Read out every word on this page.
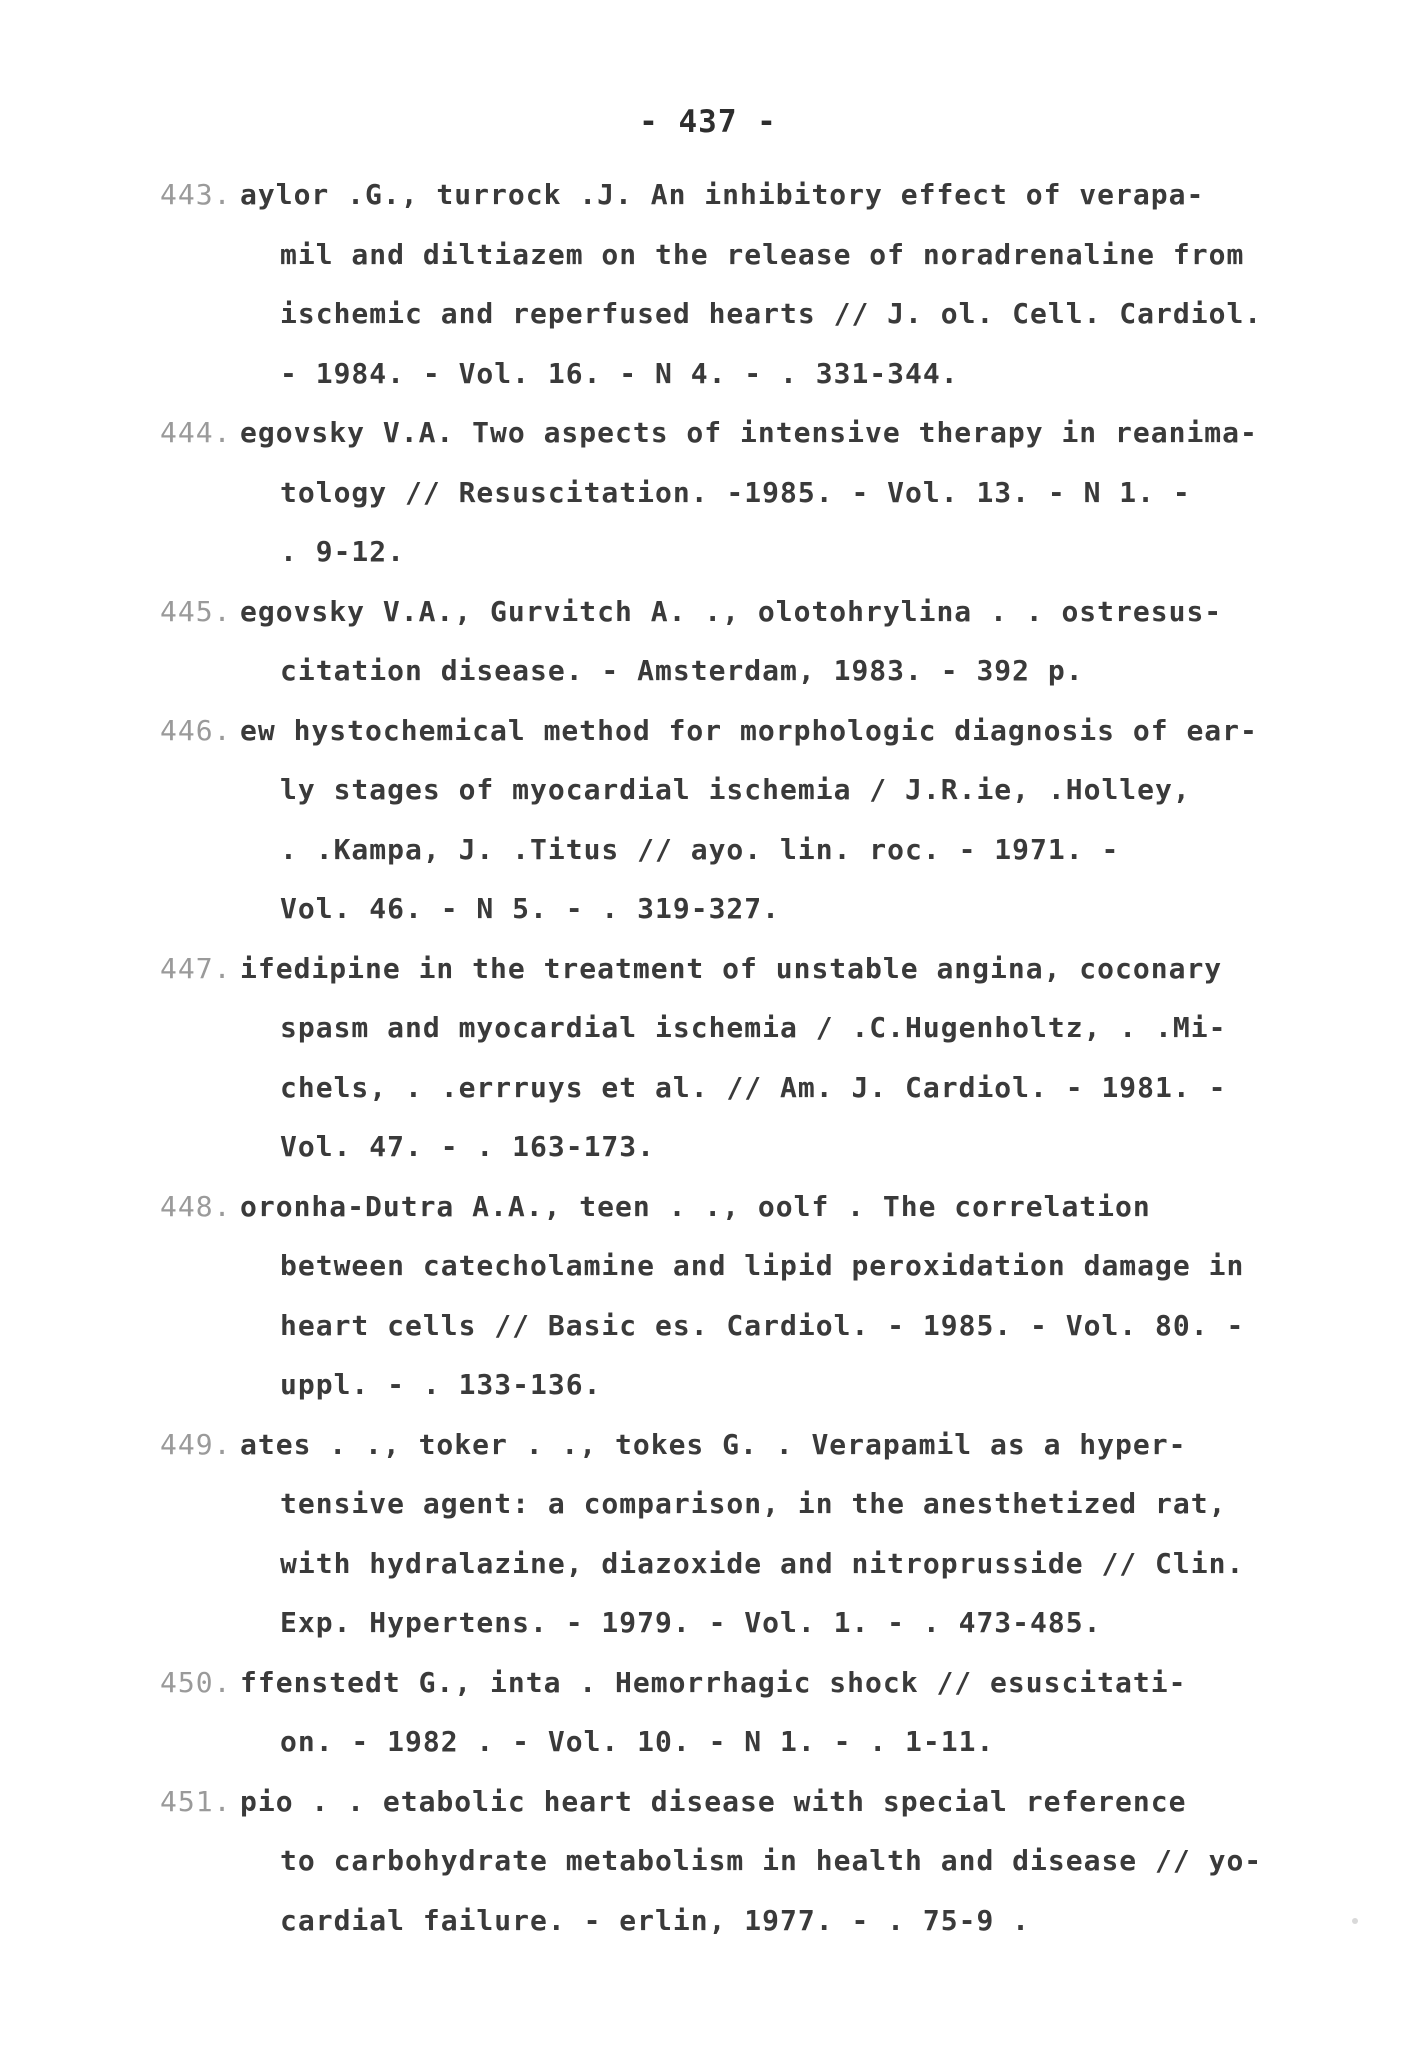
- 437 -
443. aylor .G., turrock .J. An inhibitory effect of verapa-
mil and diltiazem on the release of noradrenaline from
ischemic and reperfused hearts // J. ol. Cell. Cardiol.
- 1984. - Vol. 16. - N 4. - . 331-344.
444. egovsky V.A. Two aspects of intensive therapy in reanima-
tology // Resuscitation. -1985. - Vol. 13. - N 1. -
. 9-12.
445. egovsky V.A., Gurvitch A. ., olotohrylina . . ostresus-
citation disease. - Amsterdam, 1983. - 392 p.
446. ew hystochemical method for morphologic diagnosis of ear-
ly stages of myocardial ischemia / J.R.ie, .Holley,
. .Kampa, J. .Titus // ayo. lin. roc. - 1971. -
Vol. 46. - N 5. - . 319-327.
447. ifedipine in the treatment of unstable angina, coconary
spasm and myocardial ischemia / .C.Hugenholtz, . .Mi-
chels, . .errruys et al. // Am. J. Cardiol. - 1981. -
Vol. 47. - . 163-173.
448. oronha-Dutra A.A., teen . ., oolf . The correlation
between catecholamine and lipid peroxidation damage in
heart cells // Basic es. Cardiol. - 1985. - Vol. 80. -
uppl. - . 133-136.
449. ates . ., toker . ., tokes G. . Verapamil as a hyper-
tensive agent: a comparison, in the anesthetized rat,
with hydralazine, diazoxide and nitroprusside // Clin.
Exp. Hypertens. - 1979. - Vol. 1. - . 473-485.
450. ffenstedt G., inta . Hemorrhagic shock // esuscitati-
on. - 1982 . - Vol. 10. - N 1. - . 1-11.
451. pio . . etabolic heart disease with special reference
to carbohydrate metabolism in health and disease // yo-
cardial failure. - erlin, 1977. - . 75-9 .
